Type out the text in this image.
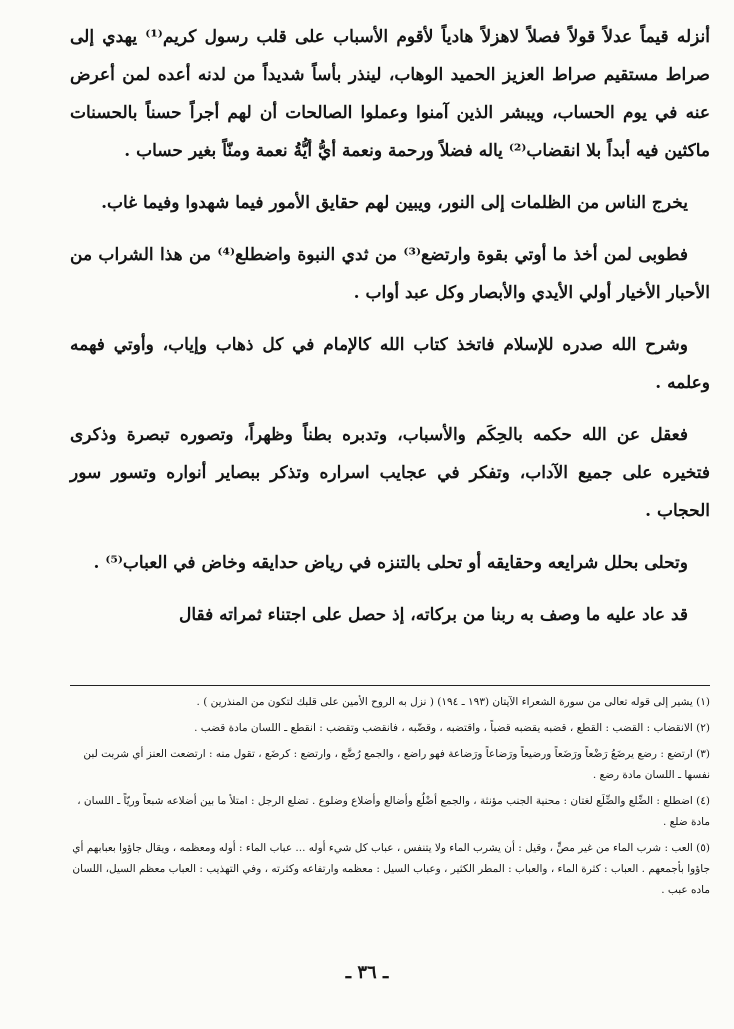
أنزله قيماً عدلاً قولاً فصلاً لاهزلاً هادياً لأقوم الأسباب على قلب رسول كريم⁽¹⁾ يهدي إلى صراط مستقيم صراط العزيز الحميد الوهاب، لينذر بأساً شديداً من لدنه أعده لمن أعرض عنه في يوم الحساب، ويبشر الذين آمنوا وعملوا الصالحات أن لهم أجراً حسناً بالحسنات ماكثين فيه أبداً بلا انقضاب⁽²⁾ ياله فضلاً ورحمة ونعمة أيُّ أيُّةُ نعمة ومنّاً بغير حساب .

يخرج الناس من الظلمات إلى النور، ويبين لهم حقايق الأمور فيما شهدوا وفيما غاب.

فطوبى لمن أخذ ما أوتي بقوة وارتضع⁽³⁾ من ثدي النبوة واضطلع⁽⁴⁾ من هذا الشراب من الأحبار الأخيار أولي الأيدي والأبصار وكل عبد أواب .

وشرح الله صدره للإسلام فاتخذ كتاب الله كالإمام في كل ذهاب وإياب، وأوتي فهمه وعلمه .

فعقل عن الله حكمه بالحِكَم والأسباب، وتدبره بطناً وظهراً، وتصوره تبصرة وذكرى فتخيره على جميع الآداب، وتفكر في عجايب اسراره وتذكر ببصاير أنواره وتسور سور الحجاب .

وتحلى بحلل شرايعه وحقايقه أو تحلى بالتنزه في رياض حدايقه وخاض في العباب⁽⁵⁾ .

قد عاد عليه ما وصف به ربنا من بركاته، إذ حصل على اجتناء ثمراته فقال

(١) يشير إلى قوله تعالى من سورة الشعراء الآيتان (١٩٣ ـ ١٩٤) ( نزل به الروح الأمين على قلبك لتكون من المنذرين ) .
(٢) الانقضاب : القضب : القطع ، قضبه يقضبه قضباً ، واقتضبه ، وقضّبه ، فانقضب وتقضب : انقطع ـ اللسان مادة قضب .
(٣) ارتضع : رضع يرضَعُ رَضْعاً ورَضَعاً ورضيعاً ورَضاعاً ورَضاعة فهو راضع ، والجمع رُضَّع ، وارتضع : كرضَع ، تقول منه : ارتضعت العنز أي شربت لبن نفسها ـ اللسان مادة رضع .
(٤) اضطلع : الضِّلع والضِّلَع لغتان : محنية الجنب مؤنثة ، والجمع أضْلُع وأضالع وأضلاع وضلوع . تضلع الرجل : امتلأ ما بين أضلاعه شبعاً وريّاً ـ اللسان ، مادة ضلع .
(٥) العب : شرب الماء من غير مصٍّ ، وقيل : أن يشرب الماء ولا يتنفس ، عباب كل شيء أوله ... عباب الماء : أوله ومعظمه ، ويقال جاؤوا بعبابهم أي جاؤوا بأجمعهم . العباب : كثرة الماء ، والعباب : المطر الكثير ، وعباب السيل : معظمه وارتفاعه وكثرته ، وفي التهذيب : العباب معظم السيل، اللسان ماده عبب .
ـ ٣٦ ـ
